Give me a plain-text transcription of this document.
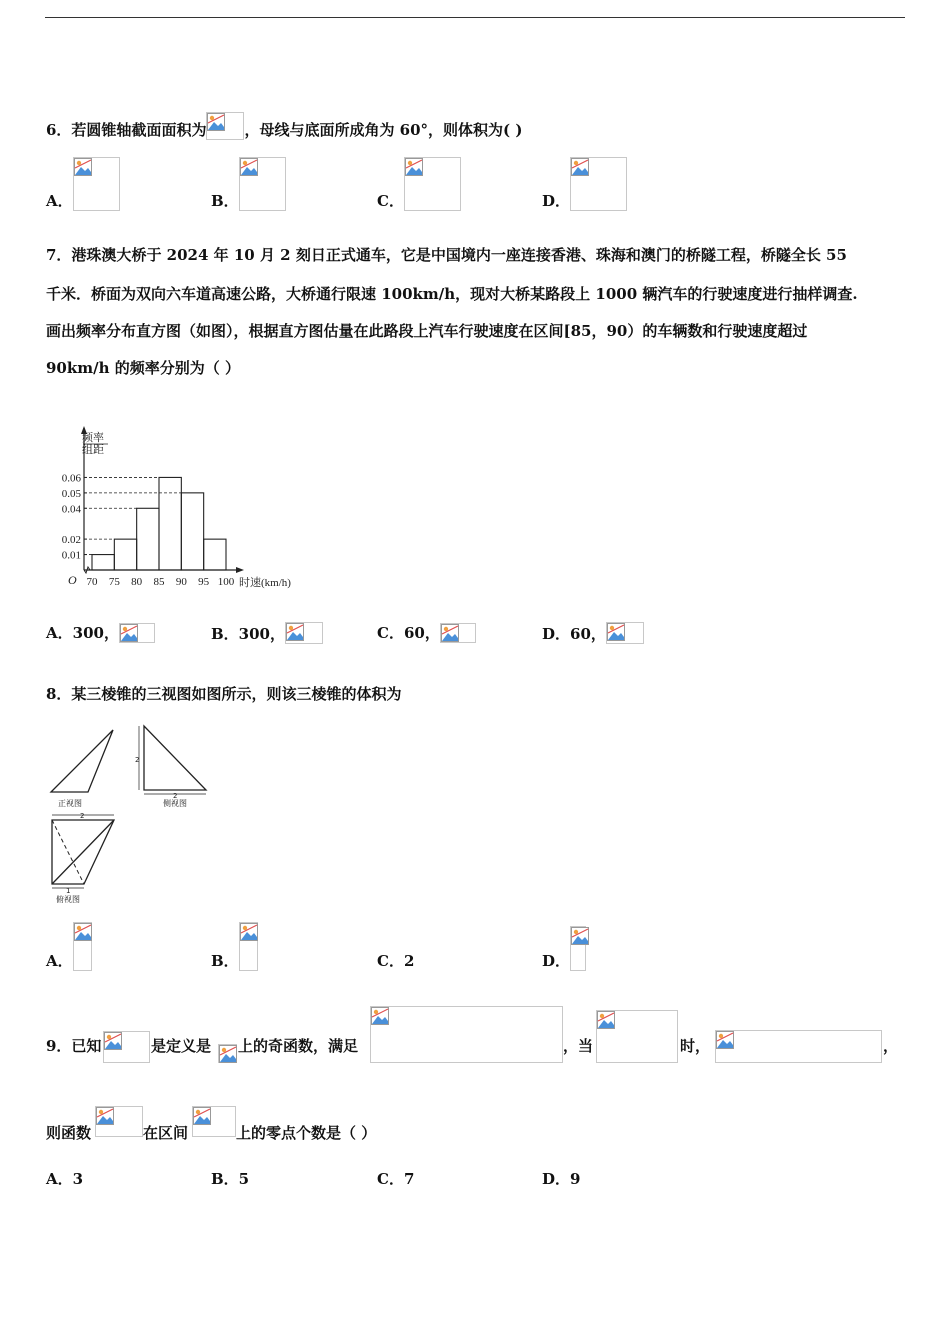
6．若圆锥轴截面面积为	，母线与底面所成角为 60°，则体积为( )
A．	B．	C．	D．
7．港珠澳大桥于 2024 年 10 月 2 刻日正式通车，它是中国境内一座连接香港、珠海和澳门的桥隧工程，桥隧全长 55
千米．桥面为双向六车道高速公路，大桥通行限速 100km/h，现对大桥某路段上 1000 辆汽车的行驶速度进行抽样调查.
画出频率分布直方图（如图），根据直方图估量在此路段上汽车行驶速度在区间[85，90）的车辆数和行驶速度超过
90km/h 的频率分别为（ ）
频率
组距
O
0.06
0.05
0.04
0.02
0.01
70 75 80 85 90 95 100 时速(km/h)
A．300，	B．300，	C．60，	D．60，
8．某三棱锥的三视图如图所示，则该三棱锥的体积为
正视图
2
2
侧视图
2
1
俯视图
A．	B．	C．2	D．
9．已知	是定义是 上的奇函数，满足	，当	时，	，
则函数	在区间	上的零点个数是（ ）
A．3	B．5	C．7	D．9
